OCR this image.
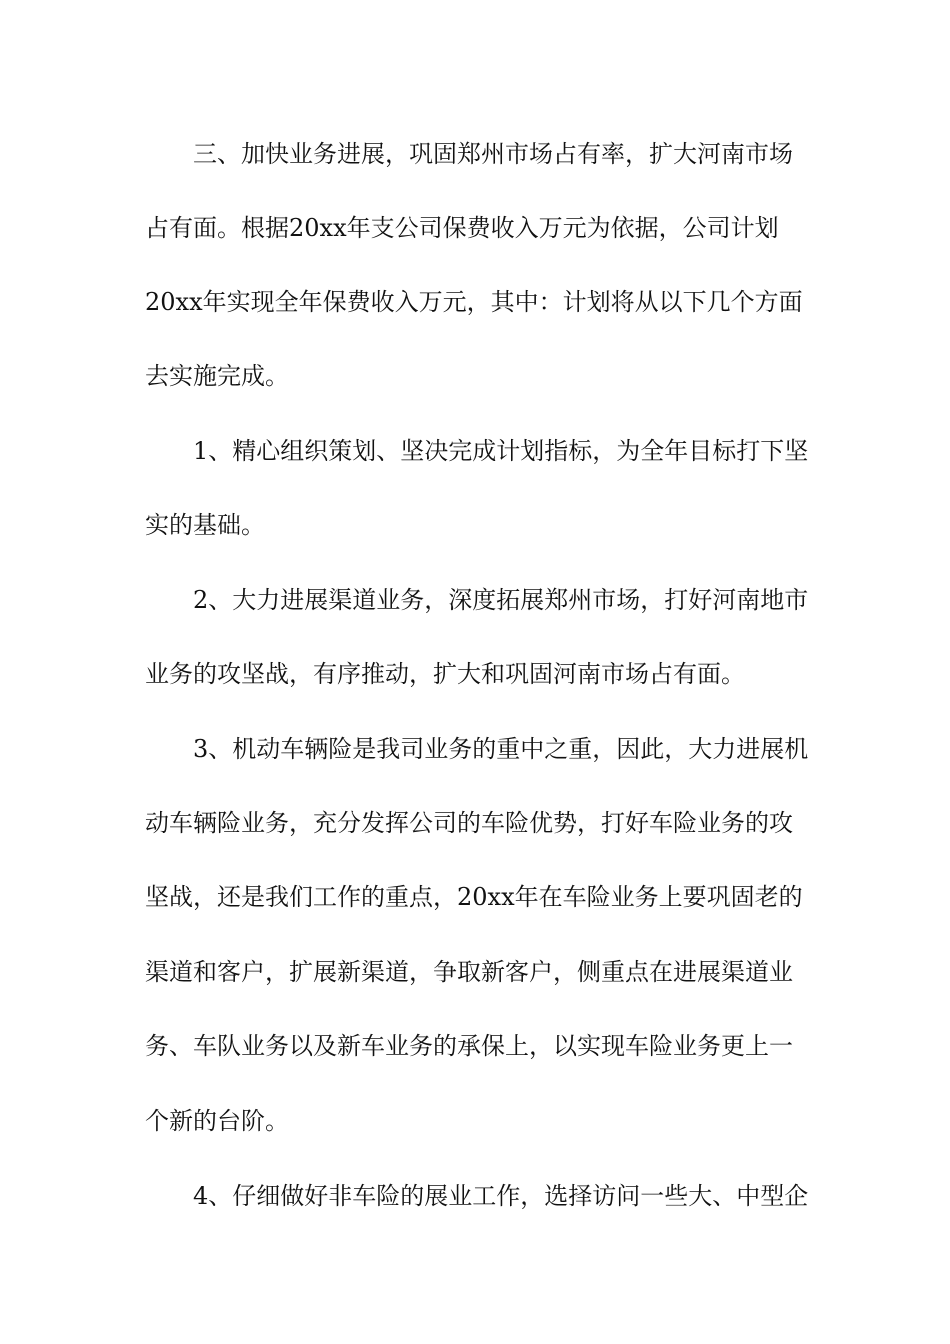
三、加快业务进展，巩固郑州市场占有率，扩大河南市场
占有面。根据20xx年支公司保费收入万元为依据，公司计划
20xx年实现全年保费收入万元，其中：计划将从以下几个方面
去实施完成。
1、精心组织策划、坚决完成计划指标，为全年目标打下坚
实的基础。
2、大力进展渠道业务，深度拓展郑州市场，打好河南地市
业务的攻坚战，有序推动，扩大和巩固河南市场占有面。
3、机动车辆险是我司业务的重中之重，因此，大力进展机
动车辆险业务，充分发挥公司的车险优势，打好车险业务的攻
坚战，还是我们工作的重点，20xx年在车险业务上要巩固老的
渠道和客户，扩展新渠道，争取新客户，侧重点在进展渠道业
务、车队业务以及新车业务的承保上，以实现车险业务更上一
个新的台阶。
4、仔细做好非车险的展业工作，选择访问一些大、中型企
